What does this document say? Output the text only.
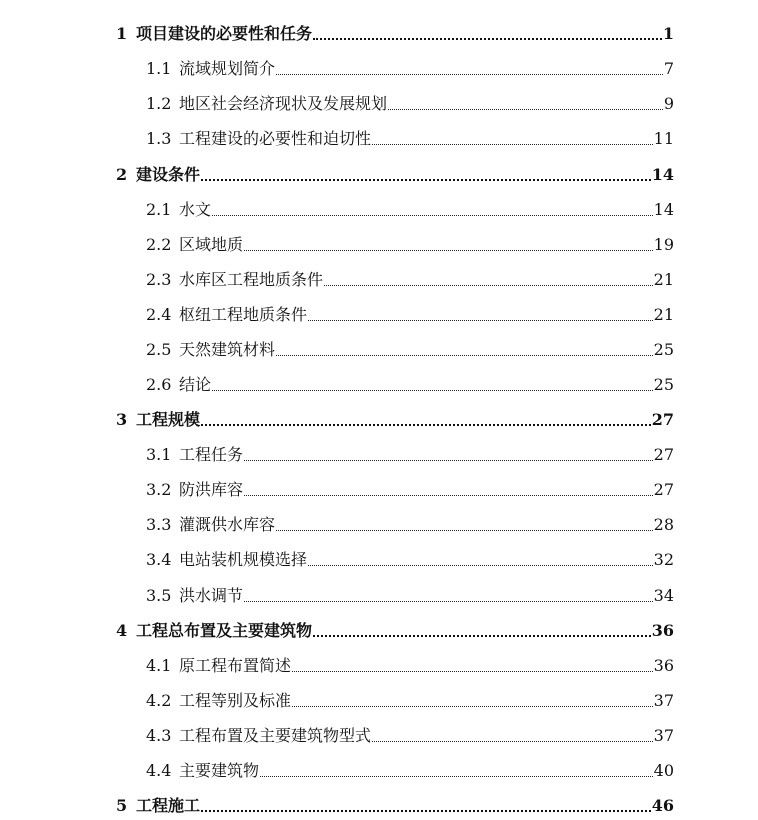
1 项目建设的必要性和任务	1
1.1 流域规划简介	7
1.2 地区社会经济现状及发展规划	9
1.3 工程建设的必要性和迫切性	11
2 建设条件	14
2.1 水文	14
2.2 区域地质	19
2.3 水库区工程地质条件	21
2.4 枢纽工程地质条件	21
2.5 天然建筑材料	25
2.6 结论	25
3 工程规模	27
3.1 工程任务	27
3.2 防洪库容	27
3.3 灌溉供水库容	28
3.4 电站装机规模选择	32
3.5 洪水调节	34
4 工程总布置及主要建筑物	36
4.1 原工程布置简述	36
4.2 工程等别及标准	37
4.3 工程布置及主要建筑物型式	37
4.4 主要建筑物	40
5 工程施工	46
